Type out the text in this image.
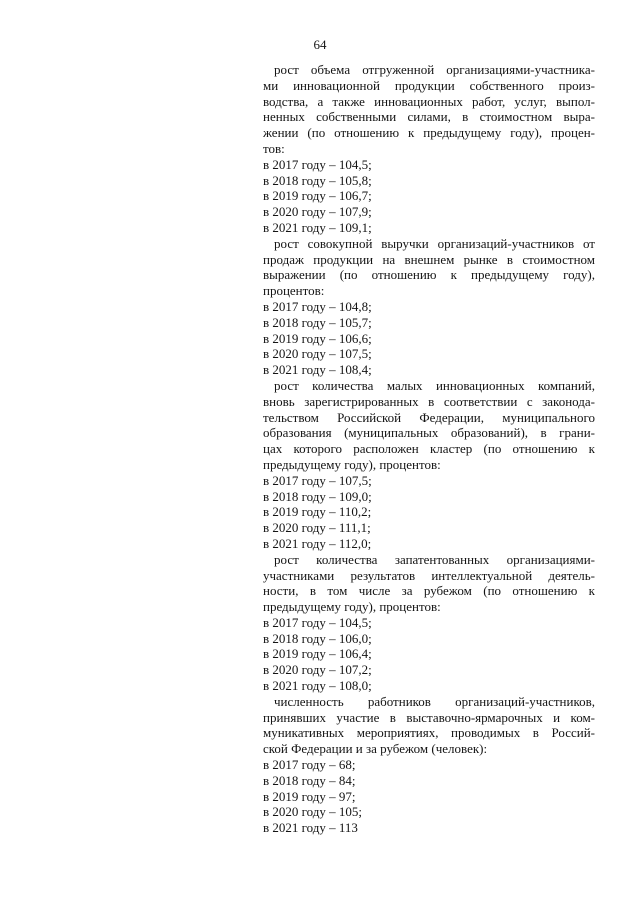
64
рост объема отгруженной организациями-участника-
ми инновационной продукции собственного произ-
водства, а также инновационных работ, услуг, выпол-
ненных собственными силами, в стоимостном выра-
жении (по отношению к предыдущему году), процен-
тов:
в 2017 году – 104,5;
в 2018 году – 105,8;
в 2019 году – 106,7;
в 2020 году – 107,9;
в 2021 году – 109,1;
рост совокупной выручки организаций-участников от
продаж продукции на внешнем рынке в стоимостном
выражении (по отношению к предыдущему году),
процентов:
в 2017 году – 104,8;
в 2018 году – 105,7;
в 2019 году – 106,6;
в 2020 году – 107,5;
в 2021 году – 108,4;
рост количества малых инновационных компаний,
вновь зарегистрированных в соответствии с законода-
тельством Российской Федерации, муниципального
образования (муниципальных образований), в грани-
цах которого расположен кластер (по отношению к
предыдущему году), процентов:
в 2017 году – 107,5;
в 2018 году – 109,0;
в 2019 году – 110,2;
в 2020 году – 111,1;
в 2021 году – 112,0;
рост количества запатентованных организациями-
участниками результатов интеллектуальной деятель-
ности, в том числе за рубежом (по отношению к
предыдущему году), процентов:
в 2017 году – 104,5;
в 2018 году – 106,0;
в 2019 году – 106,4;
в 2020 году – 107,2;
в 2021 году – 108,0;
численность работников организаций-участников,
принявших участие в выставочно-ярмарочных и ком-
муникативных мероприятиях, проводимых в Россий-
ской Федерации и за рубежом (человек):
в 2017 году – 68;
в 2018 году – 84;
в 2019 году – 97;
в 2020 году – 105;
в 2021 году – 113
